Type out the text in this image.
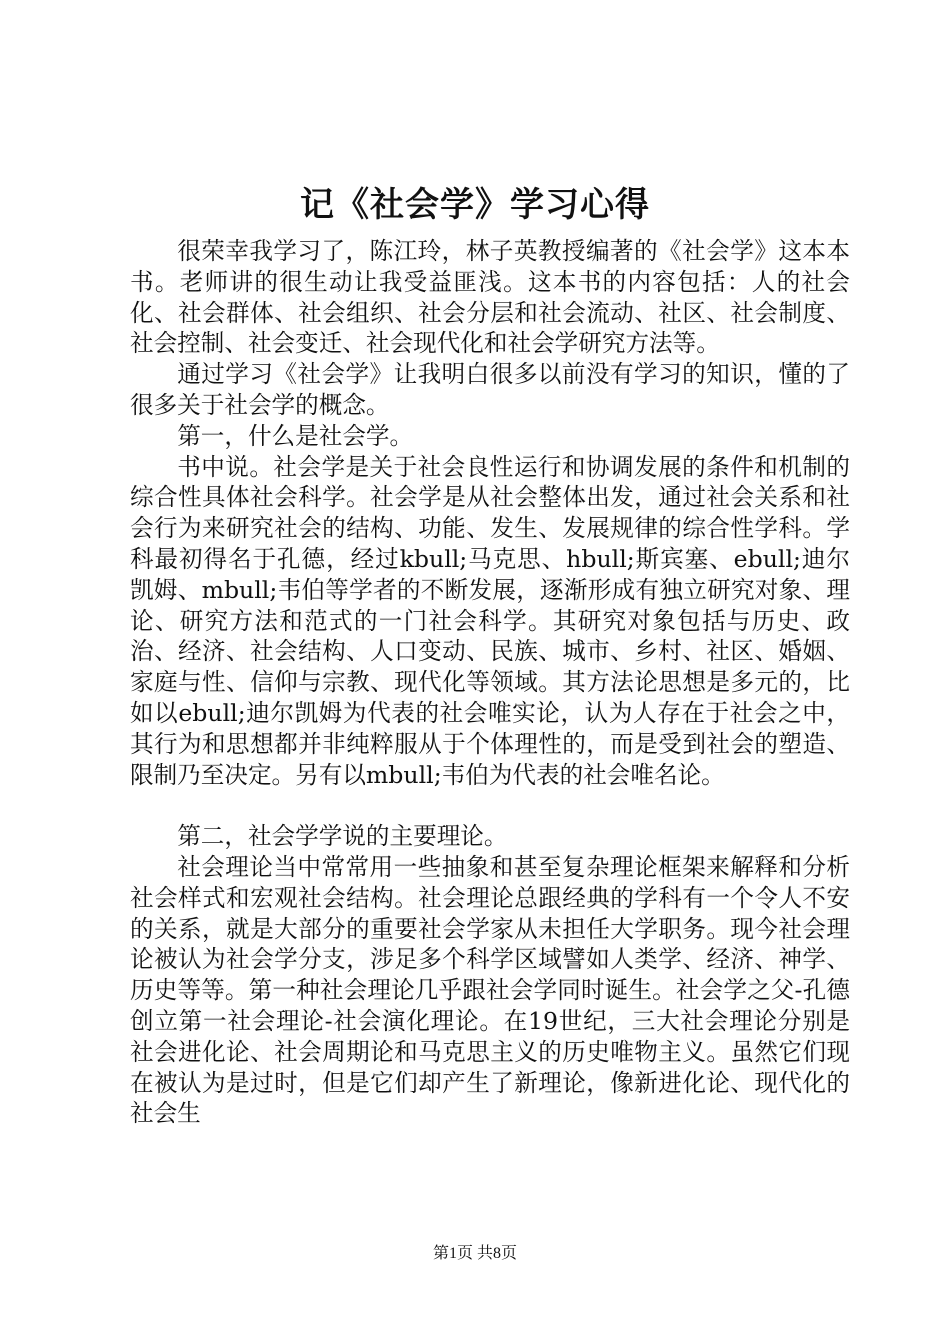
记《社会学》学习心得

很荣幸我学习了，陈江玲，林子英教授编著的《社会学》这本本书。老师讲的很生动让我受益匪浅。这本书的内容包括：人的社会化、社会群体、社会组织、社会分层和社会流动、社区、社会制度、社会控制、社会变迁、社会现代化和社会学研究方法等。

通过学习《社会学》让我明白很多以前没有学习的知识，懂的了很多关于社会学的概念。

第一，什么是社会学。

书中说。社会学是关于社会良性运行和协调发展的条件和机制的综合性具体社会科学。社会学是从社会整体出发，通过社会关系和社会行为来研究社会的结构、功能、发生、发展规律的综合性学科。学科最初得名于孔德，经过kbull;马克思、hbull;斯宾塞、ebull;迪尔凯姆、mbull;韦伯等学者的不断发展，逐渐形成有独立研究对象、理论、研究方法和范式的一门社会科学。其研究对象包括与历史、政治、经济、社会结构、人口变动、民族、城市、乡村、社区、婚姻、家庭与性、信仰与宗教、现代化等领域。其方法论思想是多元的，比如以ebull;迪尔凯姆为代表的社会唯实论，认为人存在于社会之中，其行为和思想都并非纯粹服从于个体理性的，而是受到社会的塑造、限制乃至决定。另有以mbull;韦伯为代表的社会唯名论。

第二，社会学学说的主要理论。

社会理论当中常常用一些抽象和甚至复杂理论框架来解释和分析社会样式和宏观社会结构。社会理论总跟经典的学科有一个令人不安的关系，就是大部分的重要社会学家从未担任大学职务。现今社会理论被认为社会学分支，涉足多个科学区域譬如人类学、经济、神学、历史等等。第一种社会理论几乎跟社会学同时诞生。社会学之父-孔德创立第一社会理论-社会演化理论。在19世纪，三大社会理论分别是社会进化论、社会周期论和马克思主义的历史唯物主义。虽然它们现在被认为是过时，但是它们却产生了新理论，像新进化论、现代化的社会生

第1页 共8页
